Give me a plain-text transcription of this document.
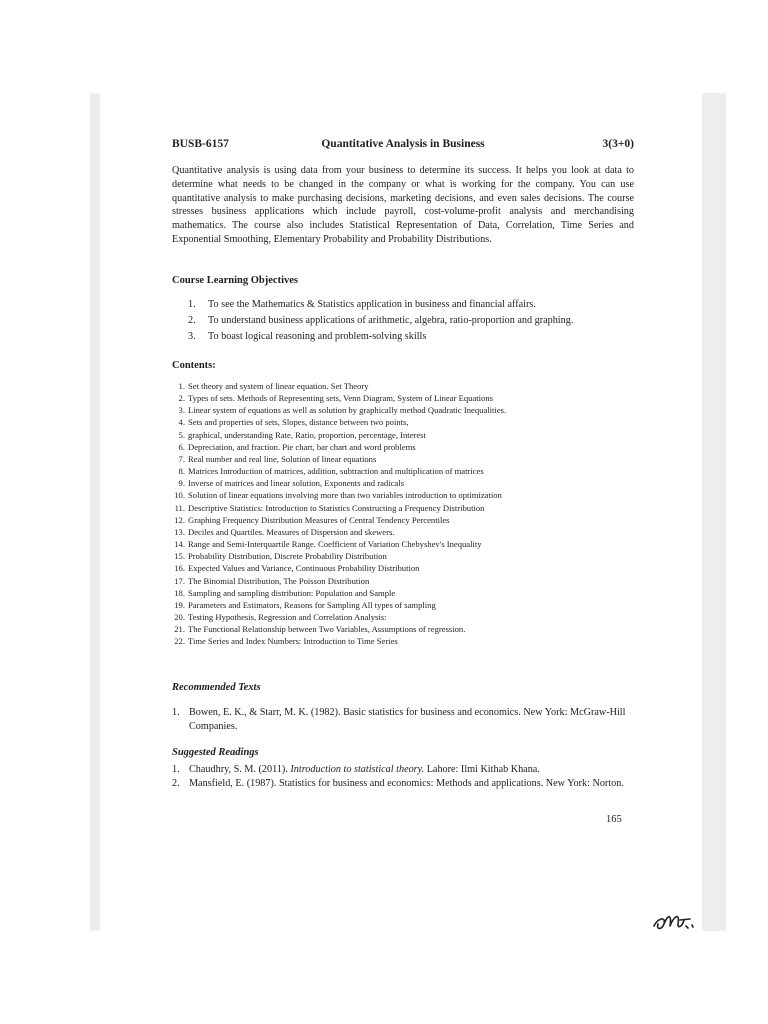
BUSB-6157	Quantitative Analysis in Business	3(3+0)

Quantitative analysis is using data from your business to determine its success. It helps you look at data to determine what needs to be changed in the company or what is working for the company. You can use quantitative analysis to make purchasing decisions, marketing decisions, and even sales decisions. The course stresses business applications which include payroll, cost-volume-profit analysis and merchandising mathematics. The course also includes Statistical Representation of Data, Correlation, Time Series and Exponential Smoothing, Elementary Probability and Probability Distributions.

Course Learning Objectives
1. To see the Mathematics & Statistics application in business and financial affairs.
2. To understand business applications of arithmetic, algebra, ratio-proportion and graphing.
3. To boast logical reasoning and problem-solving skills
Contents:
1. Set theory and system of linear equation. Set Theory
2. Types of sets. Methods of Representing sets, Venn Diagram, System of Linear Equations
3. Linear system of equations as well as solution by graphically method Quadratic Inequalities.
4. Sets and properties of sets, Slopes, distance between two points,
5. graphical, understanding Rate, Ratio, proportion, percentage, Interest
6. Depreciation, and fraction. Pie chart, bar chart and word problems
7. Real number and real line, Solution of linear equations
8. Matrices Introduction of matrices, addition, subtraction and multiplication of matrices
9. Inverse of matrices and linear solution, Exponents and radicals
10. Solution of linear equations involving more than two variables introduction to optimization
11. Descriptive Statistics: Introduction to Statistics Constructing a Frequency Distribution
12. Graphing Frequency Distribution Measures of Central Tendency Percentiles
13. Deciles and Quartiles. Measures of Dispersion and skewers.
14. Range and Semi-Interquartile Range. Coefficient of Variation Chebyshev's Inequality
15. Probability Distribution, Discrete Probability Distribution
16. Expected Values and Variance, Continuous Probability Distribution
17. The Binomial Distribution, The Poisson Distribution
18. Sampling and sampling distribution: Population and Sample
19. Parameters and Estimators, Reasons for Sampling All types of sampling
20. Testing Hypothesis, Regression and Correlation Analysis:
21. The Functional Relationship between Two Variables, Assumptions of regression.
22. Time Series and Index Numbers: Introduction to Time Series
Recommended Texts
1. Bowen, E. K., & Starr, M. K. (1982). Basic statistics for business and economics. New York: McGraw-Hill Companies.
Suggested Readings
1. Chaudhry, S. M. (2011). Introduction to statistical theory. Lahore: Ilmi Kithab Khana.
2. Mansfield, E. (1987). Statistics for business and economics: Methods and applications. New York: Norton.
165
